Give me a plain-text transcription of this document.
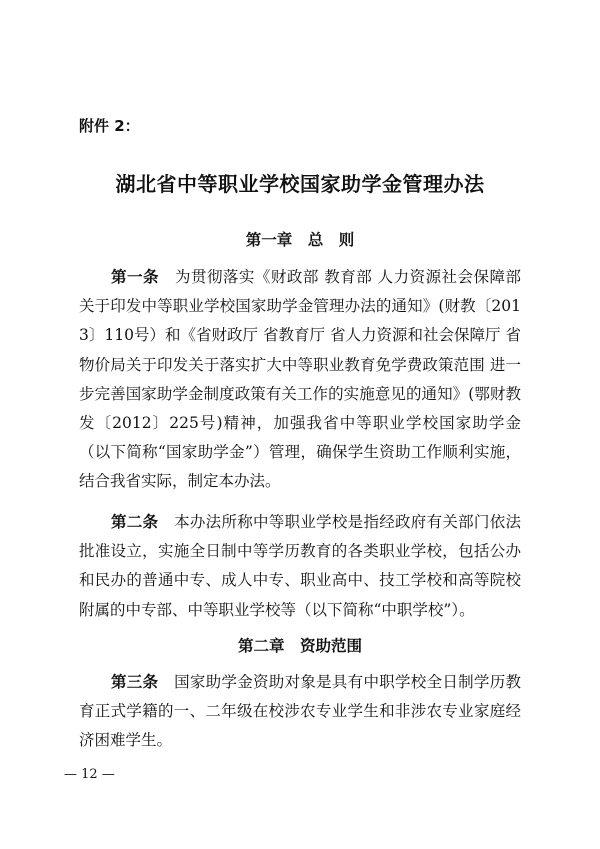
附件 2：
湖北省中等职业学校国家助学金管理办法
第一章　总　则

第一条　 为贯彻落实《财政部 教育部 人力资源社会保障部关于印发中等职业学校国家助学金管理办法的通知》(财教〔2013〕110号）和《省财政厅 省教育厅 省人力资源和社会保障厅 省物价局关于印发关于落实扩大中等职业教育免学费政策范围 进一步完善国家助学金制度政策有关工作的实施意见的通知》(鄂财教发〔2012〕225号)精神，加强我省中等职业学校国家助学金（以下简称“国家助学金”）管理，确保学生资助工作顺利实施，结合我省实际，制定本办法。

第二条　 本办法所称中等职业学校是指经政府有关部门依法批准设立，实施全日制中等学历教育的各类职业学校，包括公办和民办的普通中专、成人中专、职业高中、技工学校和高等院校附属的中专部、中等职业学校等（以下简称“中职学校”）。

第二章　资助范围

第三条　 国家助学金资助对象是具有中职学校全日制学历教育正式学籍的一、二年级在校涉农专业学生和非涉农专业家庭经济困难学生。

— 12 —
